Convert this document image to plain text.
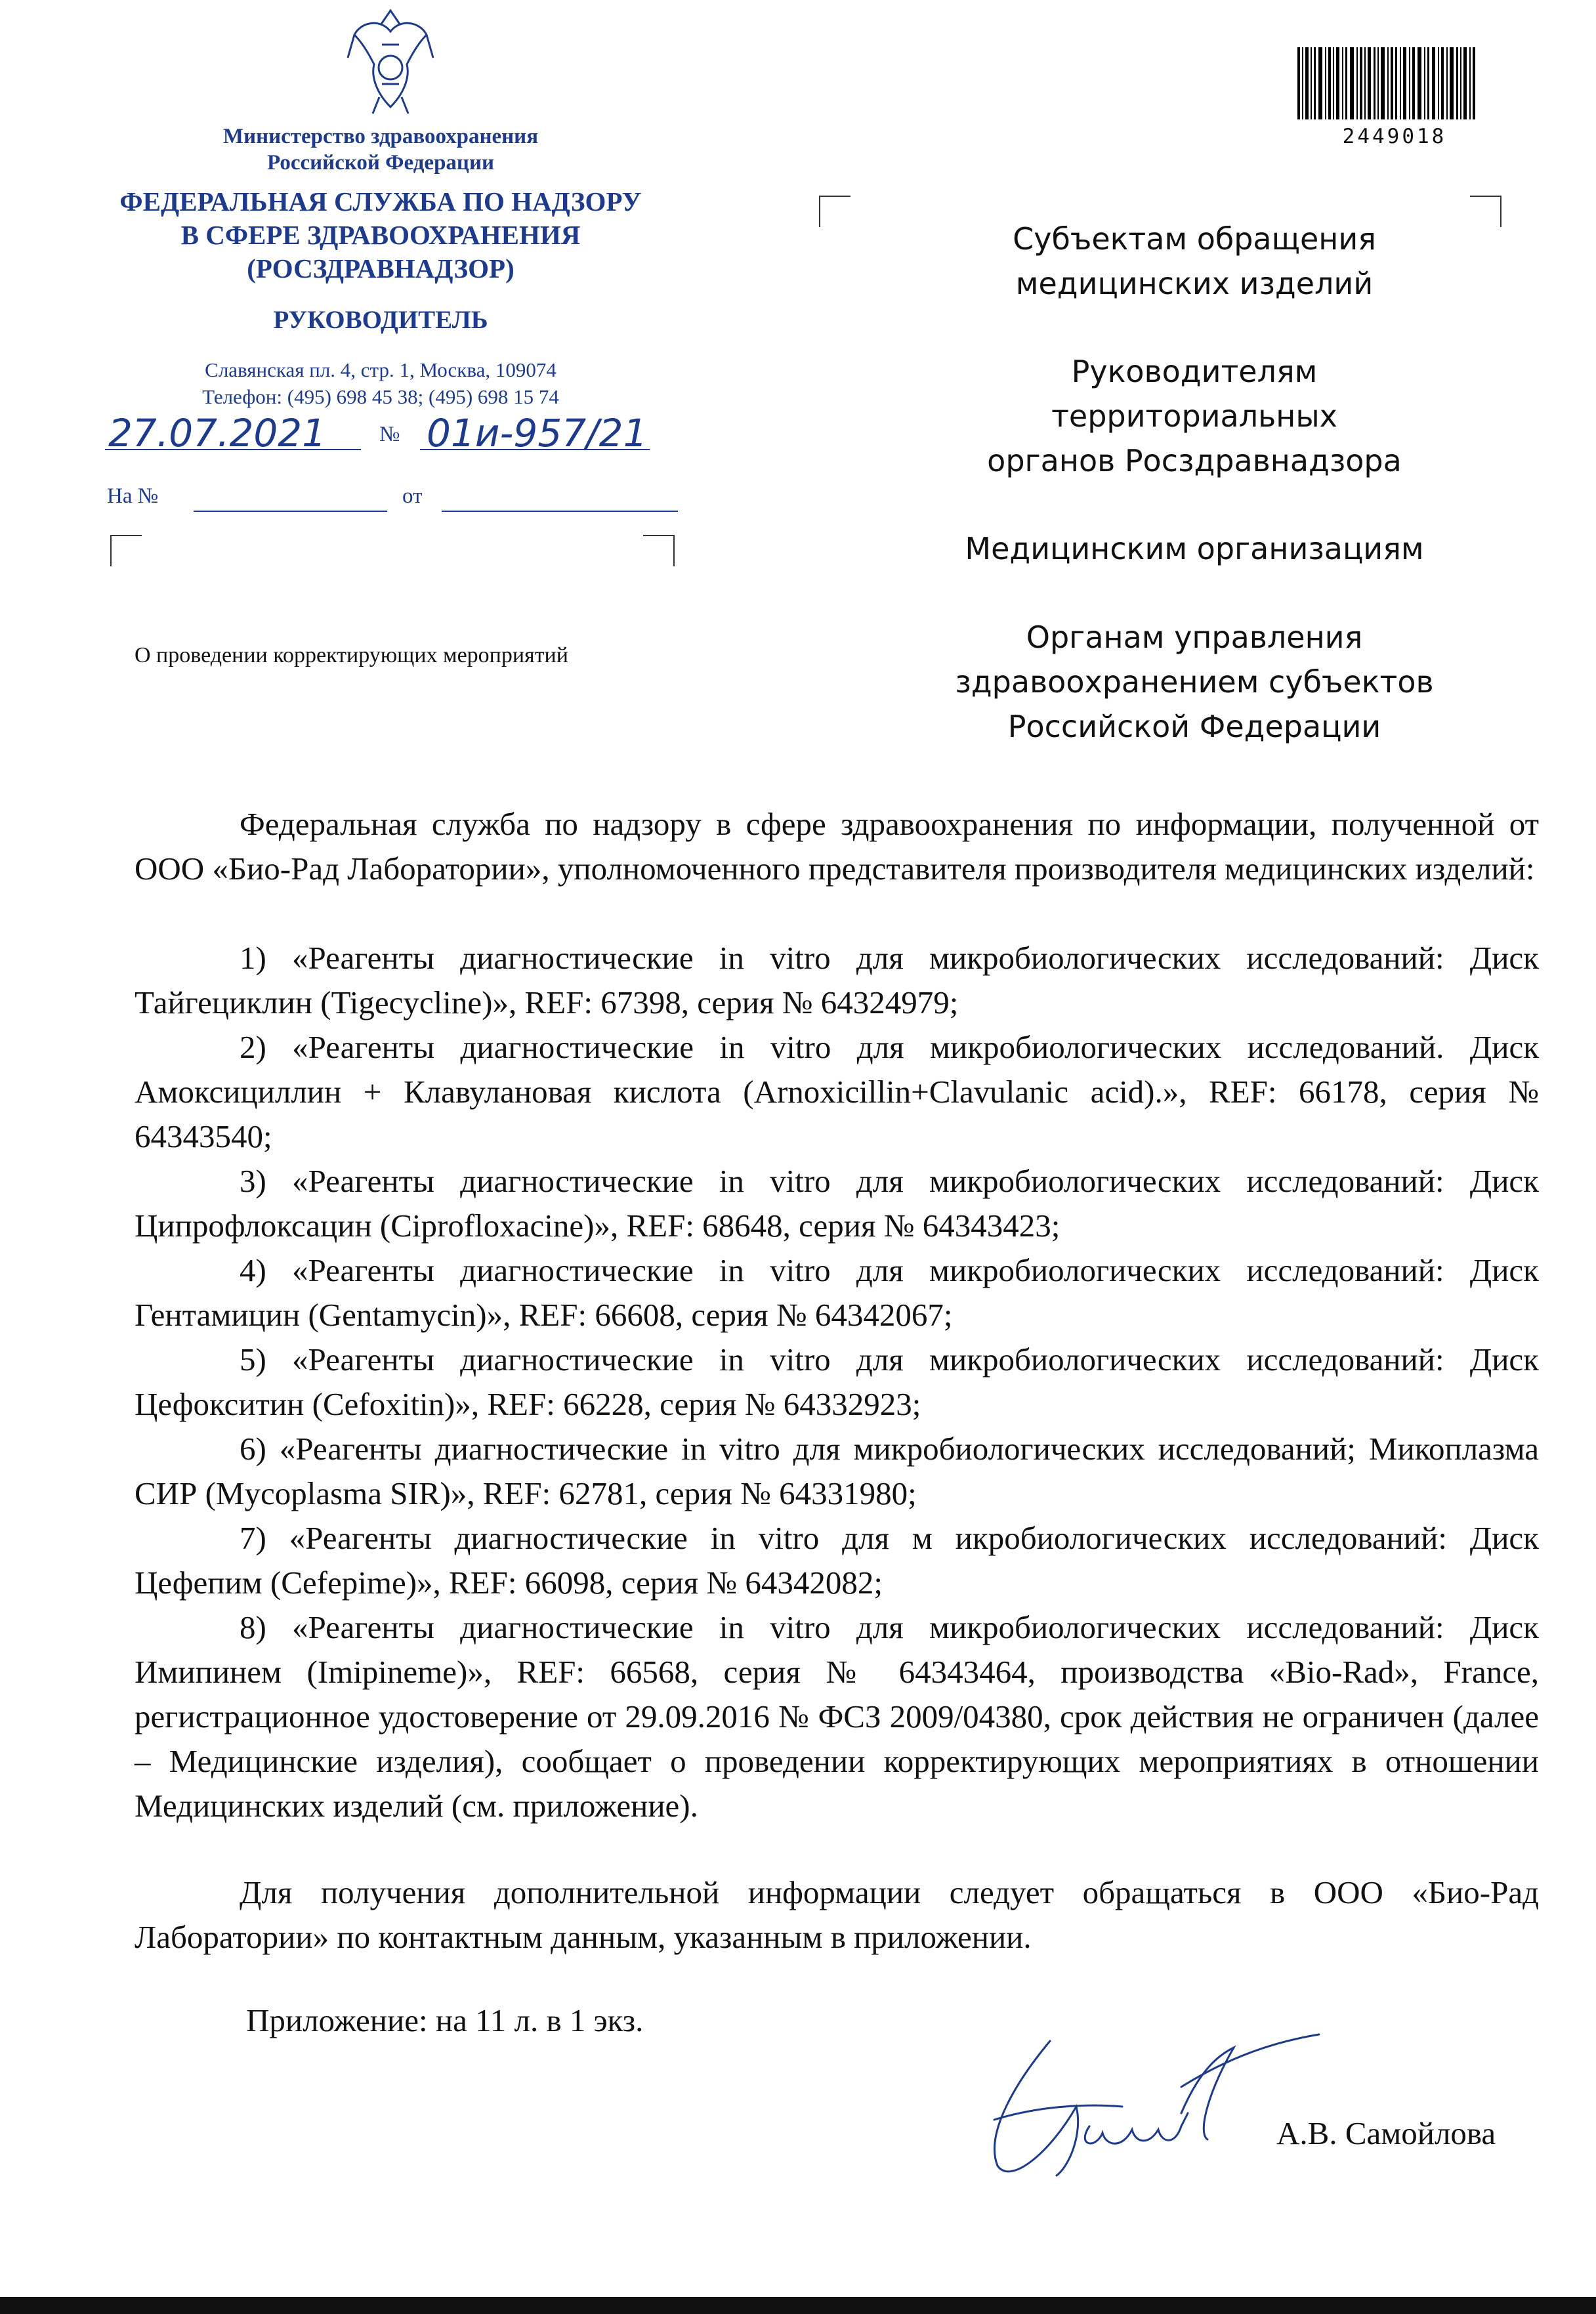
Министерство здравоохранения
Российской Федерации
ФЕДЕРАЛЬНАЯ СЛУЖБА ПО НАДЗОРУ
В СФЕРЕ ЗДРАВООХРАНЕНИЯ
(РОСЗДРАВНАДЗОР)
РУКОВОДИТЕЛЬ
Славянская пл. 4, стр. 1, Москва, 109074
Телефон: (495) 698 45 38; (495) 698 15 74
27.07.2021 № 01и-957/21
На №	от
О проведении корректирующих мероприятий
2449018
Субъектам обращения
медицинских изделий
Руководителям
территориальных
органов Росздравнадзора
Медицинским организациям
Органам управления
здравоохранением субъектов
Российской Федерации
Федеральная служба по надзору в сфере здравоохранения по информации, полученной от ООО «Био-Рад Лаборатории», уполномоченного представителя производителя медицинских изделий:
1) «Реагенты диагностические in vitro для микробиологических исследований: Диск Тайгециклин (Tigecycline)», REF: 67398, серия № 64324979;
2) «Реагенты диагностические in vitro для микробиологических исследований. Диск Амоксициллин + Клавулановая кислота (Arnoxicillin+Clavulanic acid).», REF: 66178, серия № 64343540;
3) «Реагенты диагностические in vitro для микробиологических исследований: Диск Ципрофлоксацин (Ciprofloxacine)», REF: 68648, серия № 64343423;
4) «Реагенты диагностические in vitro для микробиологических исследований: Диск Гентамицин (Gentamycin)», REF: 66608, серия № 64342067;
5) «Реагенты диагностические in vitro для микробиологических исследований: Диск Цефокситин (Cefoxitin)», REF: 66228, серия № 64332923;
6) «Реагенты диагностические in vitro для микробиологических исследований; Микоплазма СИР (Mycoplasma SIR)», REF: 62781, серия № 64331980;
7) «Реагенты диагностические in vitro для м икробиологических исследований: Диск Цефепим (Cefepime)», REF: 66098, серия № 64342082;
8) «Реагенты диагностические in vitro для микробиологических исследований: Диск Имипинем (Imipineme)», REF: 66568, серия № 64343464, производства «Bio-Rad», France, регистрационное удостоверение от 29.09.2016 № ФСЗ 2009/04380, срок действия не ограничен (далее – Медицинские изделия), сообщает о проведении корректирующих мероприятиях в отношении Медицинских изделий (см. приложение).
Для получения дополнительной информации следует обращаться в ООО «Био-Рад Лаборатории» по контактным данным, указанным в приложении.
Приложение: на 11 л. в 1 экз.
А.В. Самойлова
